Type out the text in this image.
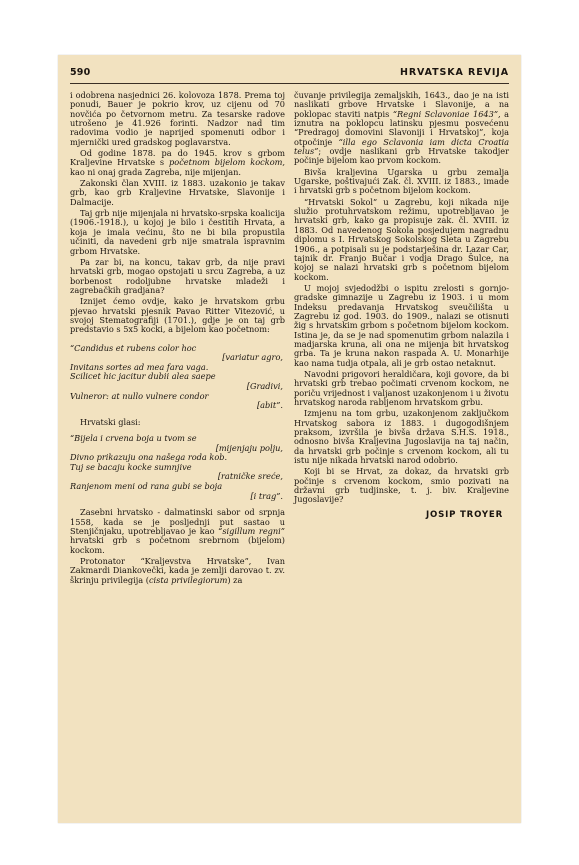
590	HRVATSKA REVIJA

i odobrena nasjednici 26. kolovoza 1878. Prema toj ponudi, Bauer je pokrio krov, uz cijenu od 70 novčića po četvornom metru. Za tesarske radove utrošeno je 41.926 forinti. Nadzor nad tim radovima vodio je naprijed spomenuti odbor i mjernički ured gradskog poglavarstva.

Od godine 1878. pa do 1945. krov s grbom Kraljevine Hrvatske s početnom bijelom kockom, kao ni onaj grada Zagreba, nije mijenjan.

Zakonski član XVIII. iz 1883. uzakonio je takav grb, kao grb Kraljevine Hrvatske, Slavonije i Dalmacije.

Taj grb nije mijenjala ni hrvatsko-srpska koalicija (1906.-1918.), u kojoj je bilo i čestitih Hrvata, a koja je imala većinu, što ne bi bila propustila učiniti, da navedeni grb nije smatrala ispravnim grbom Hrvatske.

Pa zar bi, na koncu, takav grb, da nije pravi hrvatski grb, mogao opstojati u srcu Zagreba, a uz borbenost rodoljubne hrvatske mladeži i zagrebačkih gradjana?

Iznijet ćemo ovdje, kako je hrvatskom grbu pjevao hrvatski pjesnik Pavao Ritter Vitezović, u svojoj Stematografiji (1701.), gdje je on taj grb predstavio s 5x5 kocki, a bijelom kao početnom:

“Candidus et rubens color hoc
[variatur agro,
Invitans sortes ad mea fara vaga.
Scilicet hic jacitur dubii alea saepe
[Gradivi,
Vulneror: at nullo vulnere condor
[abit”.
Hrvatski glasi:
“Bijela i crvena boja u tvom se
[mijenjaju polju,
Divno prikazuju ona našega roda kob.
Tuj se bacaju kocke sumnjive
[ratničke sreće,
Ranjenom meni od rana gubi se boja
[i trag”.

Zasebni hrvatsko - dalmatinski sabor od srpnja 1558, kada se je posljednji put sastao u Stenjičnjaku, upotrebljavao je kao “sigillum regni” hrvatski grb s početnom srebrnom (bijelom) kockom.

Protonator “Kraljevstva Hrvatske”, Ivan Zakmardi Diankovečki, kada je zemlji darovao t. zv. škrinju privilegija (cista privilegiorum) za

čuvanje privilegija zemaljskih, 1643., dao je na isti naslikati grbove Hrvatske i Slavonije, a na poklopac staviti natpis “Regni Sclavoniae 1643”, a iznutra na poklopcu latinsku pjesmu posvećenu “Predragoj domovini Slavoniji i Hrvatskoj”, koja otpočinje “illa ego Sclavonia iam dicta Croatia telus”; ovdje naslikani grb Hrvatske takodjer počinje bijelom kao prvom kockom.

Bivša kraljevina Ugarska u grbu zemalja Ugarske, poštivajući Zak. čl. XVIII. iz 1883., imade i hrvatski grb s početnom bijelom kockom.

“Hrvatski Sokol” u Zagrebu, koji nikada nije služio protuhrvatskom režimu, upotrebljavao je hrvatski grb, kako ga propisuje zak. čl. XVIII. iz 1883. Od navedenog Sokola posjedujem nagradnu diplomu s I. Hrvatskog Sokolskog Sleta u Zagrebu 1906., a potpisali su je podstarješina dr. Lazar Car, tajnik dr. Franjo Bučar i vodja Drago Šulce, na kojoj se nalazi hrvatski grb s početnom bijelom kockom.

U mojoj svjedodžbi o ispitu zrelosti s gornjo-gradske gimnazije u Zagrebu iz 1903. i u mom Indeksu predavanja Hrvatskog sveučilišta u Zagrebu iz god. 1903. do 1909., nalazi se otisnuti žig s hrvatskim grbom s početnom bijelom kockom. Istina je, da se je nad spomenutim grbom nalazila i madjarska kruna, ali ona ne mijenja bit hrvatskog grba. Ta je kruna nakon raspada A. U. Monarhije kao nama tudja otpala, ali je grb ostao netaknut.

Navodni prigovori heraldičara, koji govore, da bi hrvatski grb trebao počimati crvenom kockom, ne poriču vrijednost i valjanost uzakonjenom i u životu hrvatskog naroda rabljenom hrvatskom grbu.

Izmjenu na tom grbu, uzakonjenom zaključkom Hrvatskog sabora iz 1883. i dugogodišnjem praksom, izvršila je bivša država S.H.S. 1918., odnosno bivša Kraljevina Jugoslavija na taj način, da hrvatski grb počinje s crvenom kockom, ali tu istu nije nikada hrvatski narod odobrio.

Koji bi se Hrvat, za dokaz, da hrvatski grb počinje s crvenom kockom, smio pozivati na državni grb tudjinske, t. j. biv. Kraljevine Jugoslavije?

JOSIP TROYER
